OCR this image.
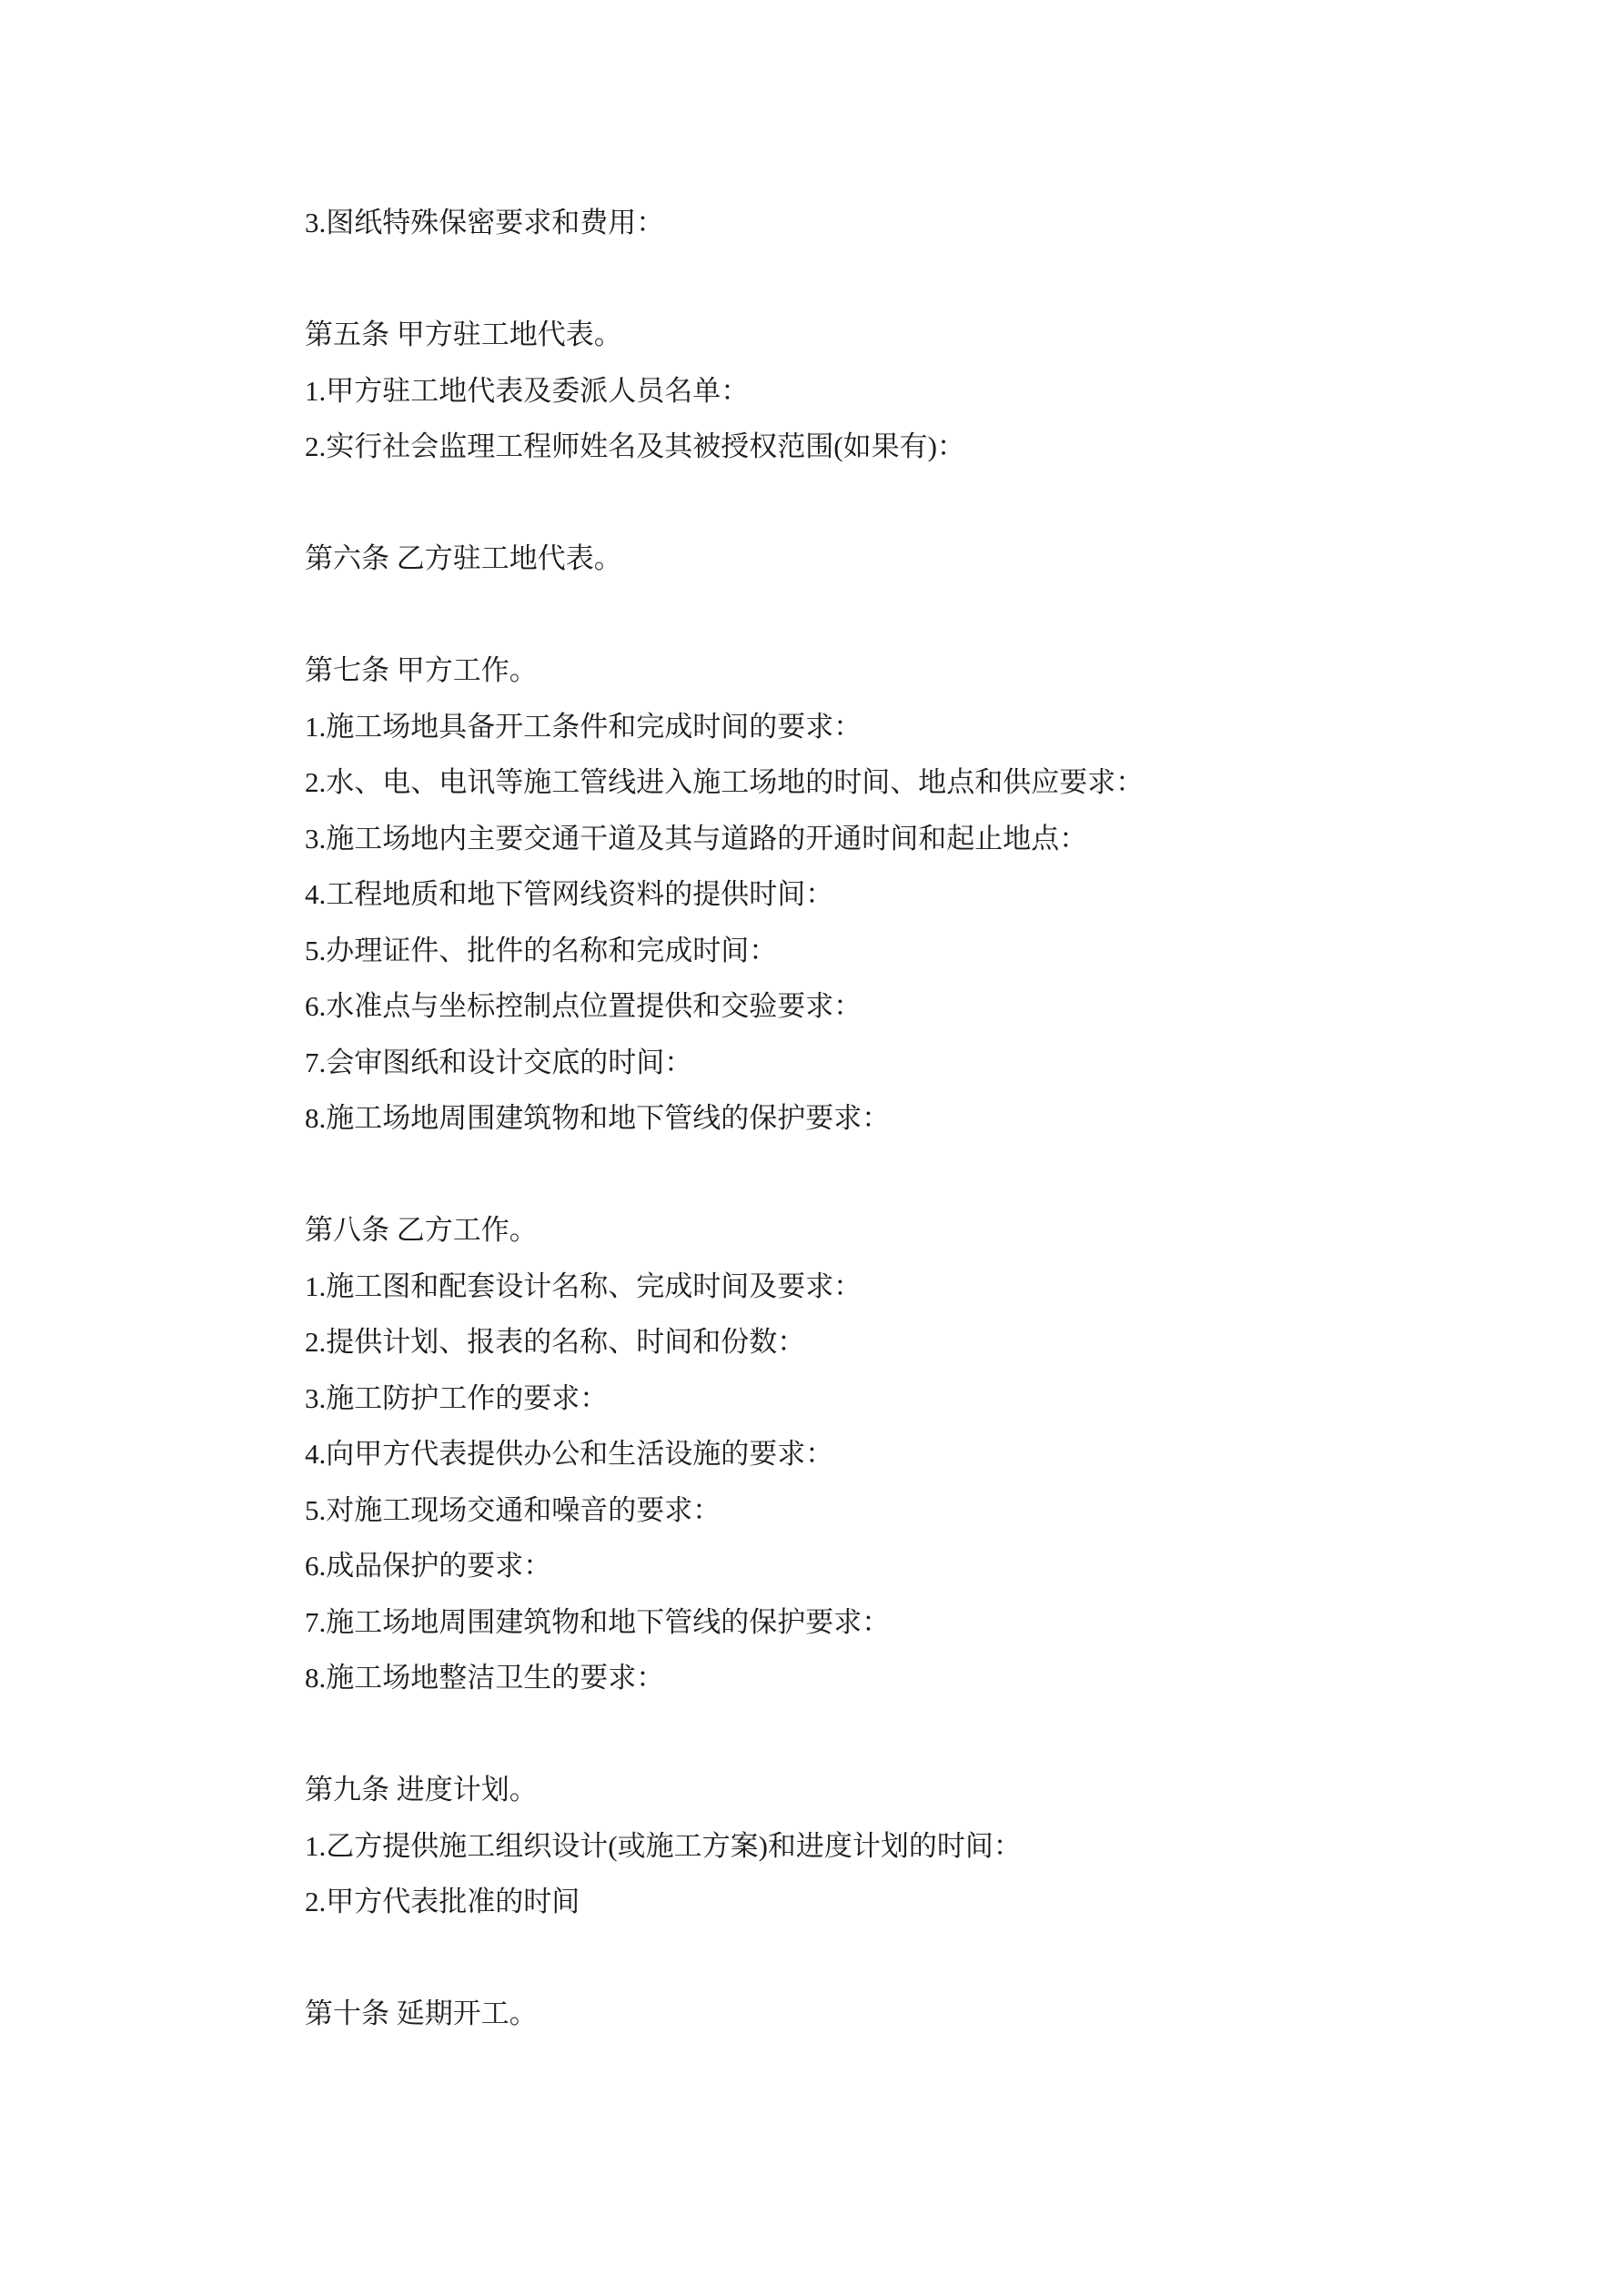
3.图纸特殊保密要求和费用：

第五条 甲方驻工地代表。

1.甲方驻工地代表及委派人员名单：

2.实行社会监理工程师姓名及其被授权范围(如果有)：

第六条 乙方驻工地代表。

第七条 甲方工作。

1.施工场地具备开工条件和完成时间的要求：

2.水、电、电讯等施工管线进入施工场地的时间、地点和供应要求：

3.施工场地内主要交通干道及其与道路的开通时间和起止地点：

4.工程地质和地下管网线资料的提供时间：

5.办理证件、批件的名称和完成时间：

6.水准点与坐标控制点位置提供和交验要求：

7.会审图纸和设计交底的时间：

8.施工场地周围建筑物和地下管线的保护要求：

第八条 乙方工作。

1.施工图和配套设计名称、完成时间及要求：

2.提供计划、报表的名称、时间和份数：

3.施工防护工作的要求：

4.向甲方代表提供办公和生活设施的要求：

5.对施工现场交通和噪音的要求：

6.成品保护的要求：

7.施工场地周围建筑物和地下管线的保护要求：

8.施工场地整洁卫生的要求：

第九条 进度计划。

1.乙方提供施工组织设计(或施工方案)和进度计划的时间：

2.甲方代表批准的时间

第十条 延期开工。
